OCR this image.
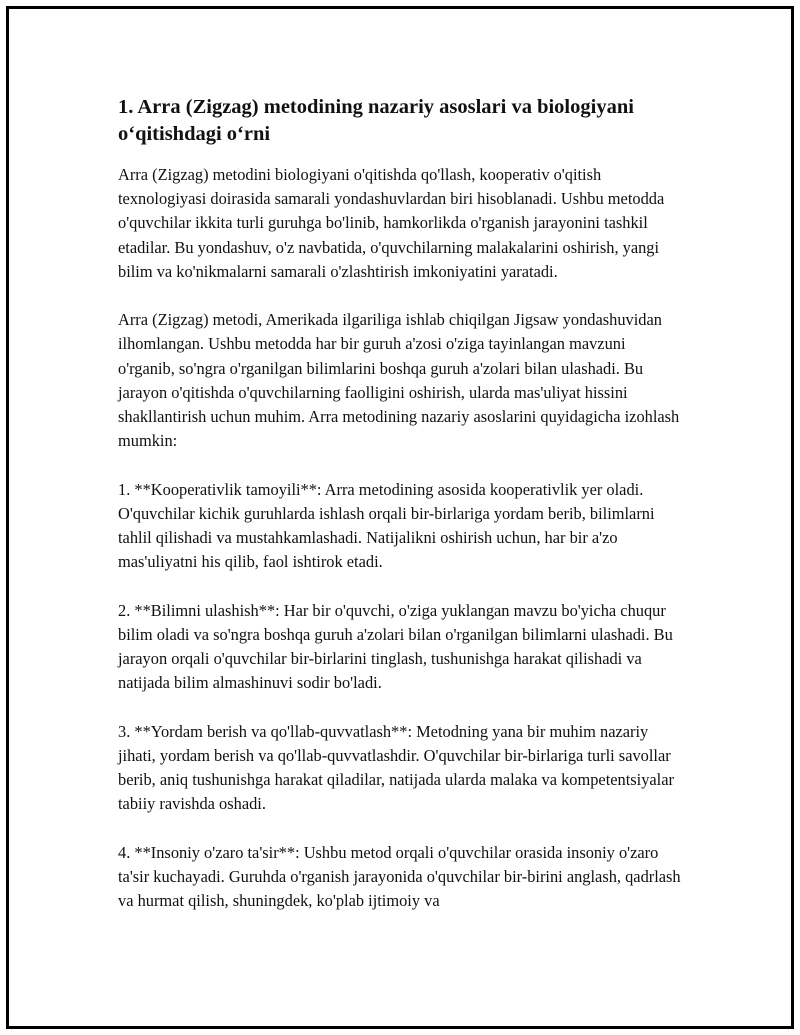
1. Arra (Zigzag) metodining nazariy asoslari va biologiyani o‘qitishdagi o‘rni

Arra (Zigzag) metodini biologiyani o'qitishda qo'llash, kooperativ o'qitish texnologiyasi doirasida samarali yondashuvlardan biri hisoblanadi. Ushbu metodda o'quvchilar ikkita turli guruhga bo'linib, hamkorlikda o'rganish jarayonini tashkil etadilar. Bu yondashuv, o'z navbatida, o'quvchilarning malakalarini oshirish, yangi bilim va ko'nikmalarni samarali o'zlashtirish imkoniyatini yaratadi.

Arra (Zigzag) metodi, Amerikada ilgariliga ishlab chiqilgan Jigsaw yondashuvidan ilhomlangan. Ushbu metodda har bir guruh a'zosi o'ziga tayinlangan mavzuni o'rganib, so'ngra o'rganilgan bilimlarini boshqa guruh a'zolari bilan ulashadi. Bu jarayon o'qitishda o'quvchilarning faolligini oshirish, ularda mas'uliyat hissini shakllantirish uchun muhim. Arra metodining nazariy asoslarini quyidagicha izohlash mumkin:

1. **Kooperativlik tamoyili**: Arra metodining asosida kooperativlik yer oladi. O'quvchilar kichik guruhlarda ishlash orqali bir-birlariga yordam berib, bilimlarni tahlil qilishadi va mustahkamlashadi. Natijalikni oshirish uchun, har bir a'zo mas'uliyatni his qilib, faol ishtirok etadi.

2. **Bilimni ulashish**: Har bir o'quvchi, o'ziga yuklangan mavzu bo'yicha chuqur bilim oladi va so'ngra boshqa guruh a'zolari bilan o'rganilgan bilimlarni ulashadi. Bu jarayon orqali o'quvchilar bir-birlarini tinglash, tushunishga harakat qilishadi va natijada bilim almashinuvi sodir bo'ladi.

3. **Yordam berish va qo'llab-quvvatlash**: Metodning yana bir muhim nazariy jihati, yordam berish va qo'llab-quvvatlashdir. O'quvchilar bir-birlariga turli savollar berib, aniq tushunishga harakat qiladilar, natijada ularda malaka va kompetentsiyalar tabiiy ravishda oshadi.

4. **Insoniy o'zaro ta'sir**: Ushbu metod orqali o'quvchilar orasida insoniy o'zaro ta'sir kuchayadi. Guruhda o'rganish jarayonida o'quvchilar bir-birini anglash, qadrlash va hurmat qilish, shuningdek, ko'plab ijtimoiy va
